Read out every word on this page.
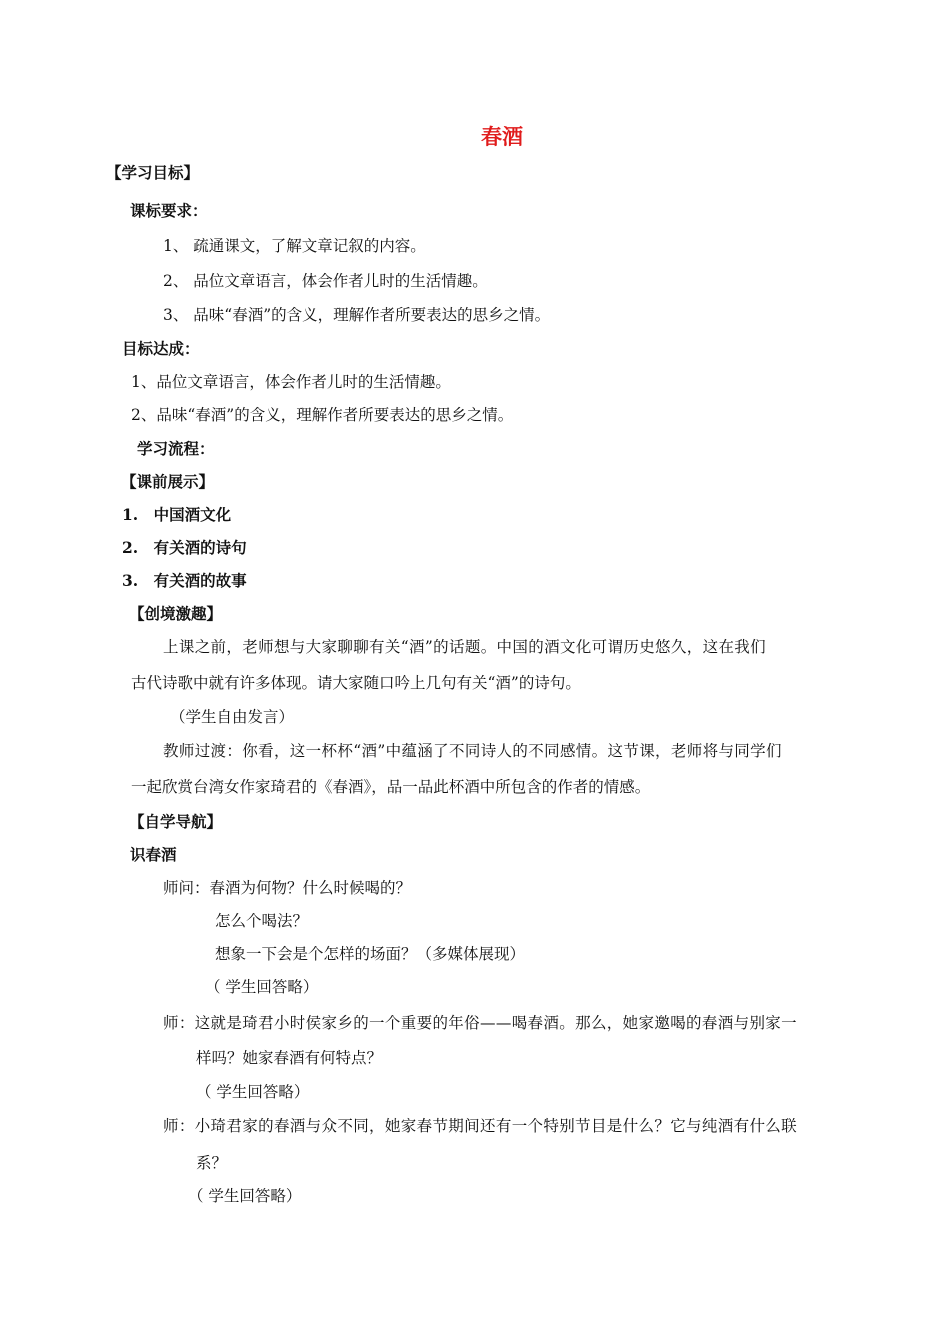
春酒
【学习目标】
课标要求：
1、 疏通课文，了解文章记叙的内容。
2、 品位文章语言，体会作者儿时的生活情趣。
3、 品味“春酒”的含义，理解作者所要表达的思乡之情。
目标达成：
1、品位文章语言，体会作者儿时的生活情趣。
2、品味“春酒”的含义，理解作者所要表达的思乡之情。
学习流程：
【课前展示】
1.　中国酒文化
2.　有关酒的诗句
3.　有关酒的故事
【创境激趣】
上课之前，老师想与大家聊聊有关“酒”的话题。中国的酒文化可谓历史悠久，这在我们
古代诗歌中就有许多体现。请大家随口吟上几句有关“酒”的诗句。
（学生自由发言）
教师过渡：你看，这一杯杯“酒”中蕴涵了不同诗人的不同感情。这节课，老师将与同学们
一起欣赏台湾女作家琦君的《春酒》，品一品此杯酒中所包含的作者的情感。
【自学导航】
识春酒
师问：春酒为何物？什么时候喝的？
怎么个喝法？
想象一下会是个怎样的场面？（多媒体展现）
（ 学生回答略）
师：这就是琦君小时侯家乡的一个重要的年俗——喝春酒。那么，她家邀喝的春酒与别家一
样吗？她家春酒有何特点？
（ 学生回答略）
师：小琦君家的春酒与众不同，她家春节期间还有一个特别节目是什么？它与纯酒有什么联
系？
（ 学生回答略）
